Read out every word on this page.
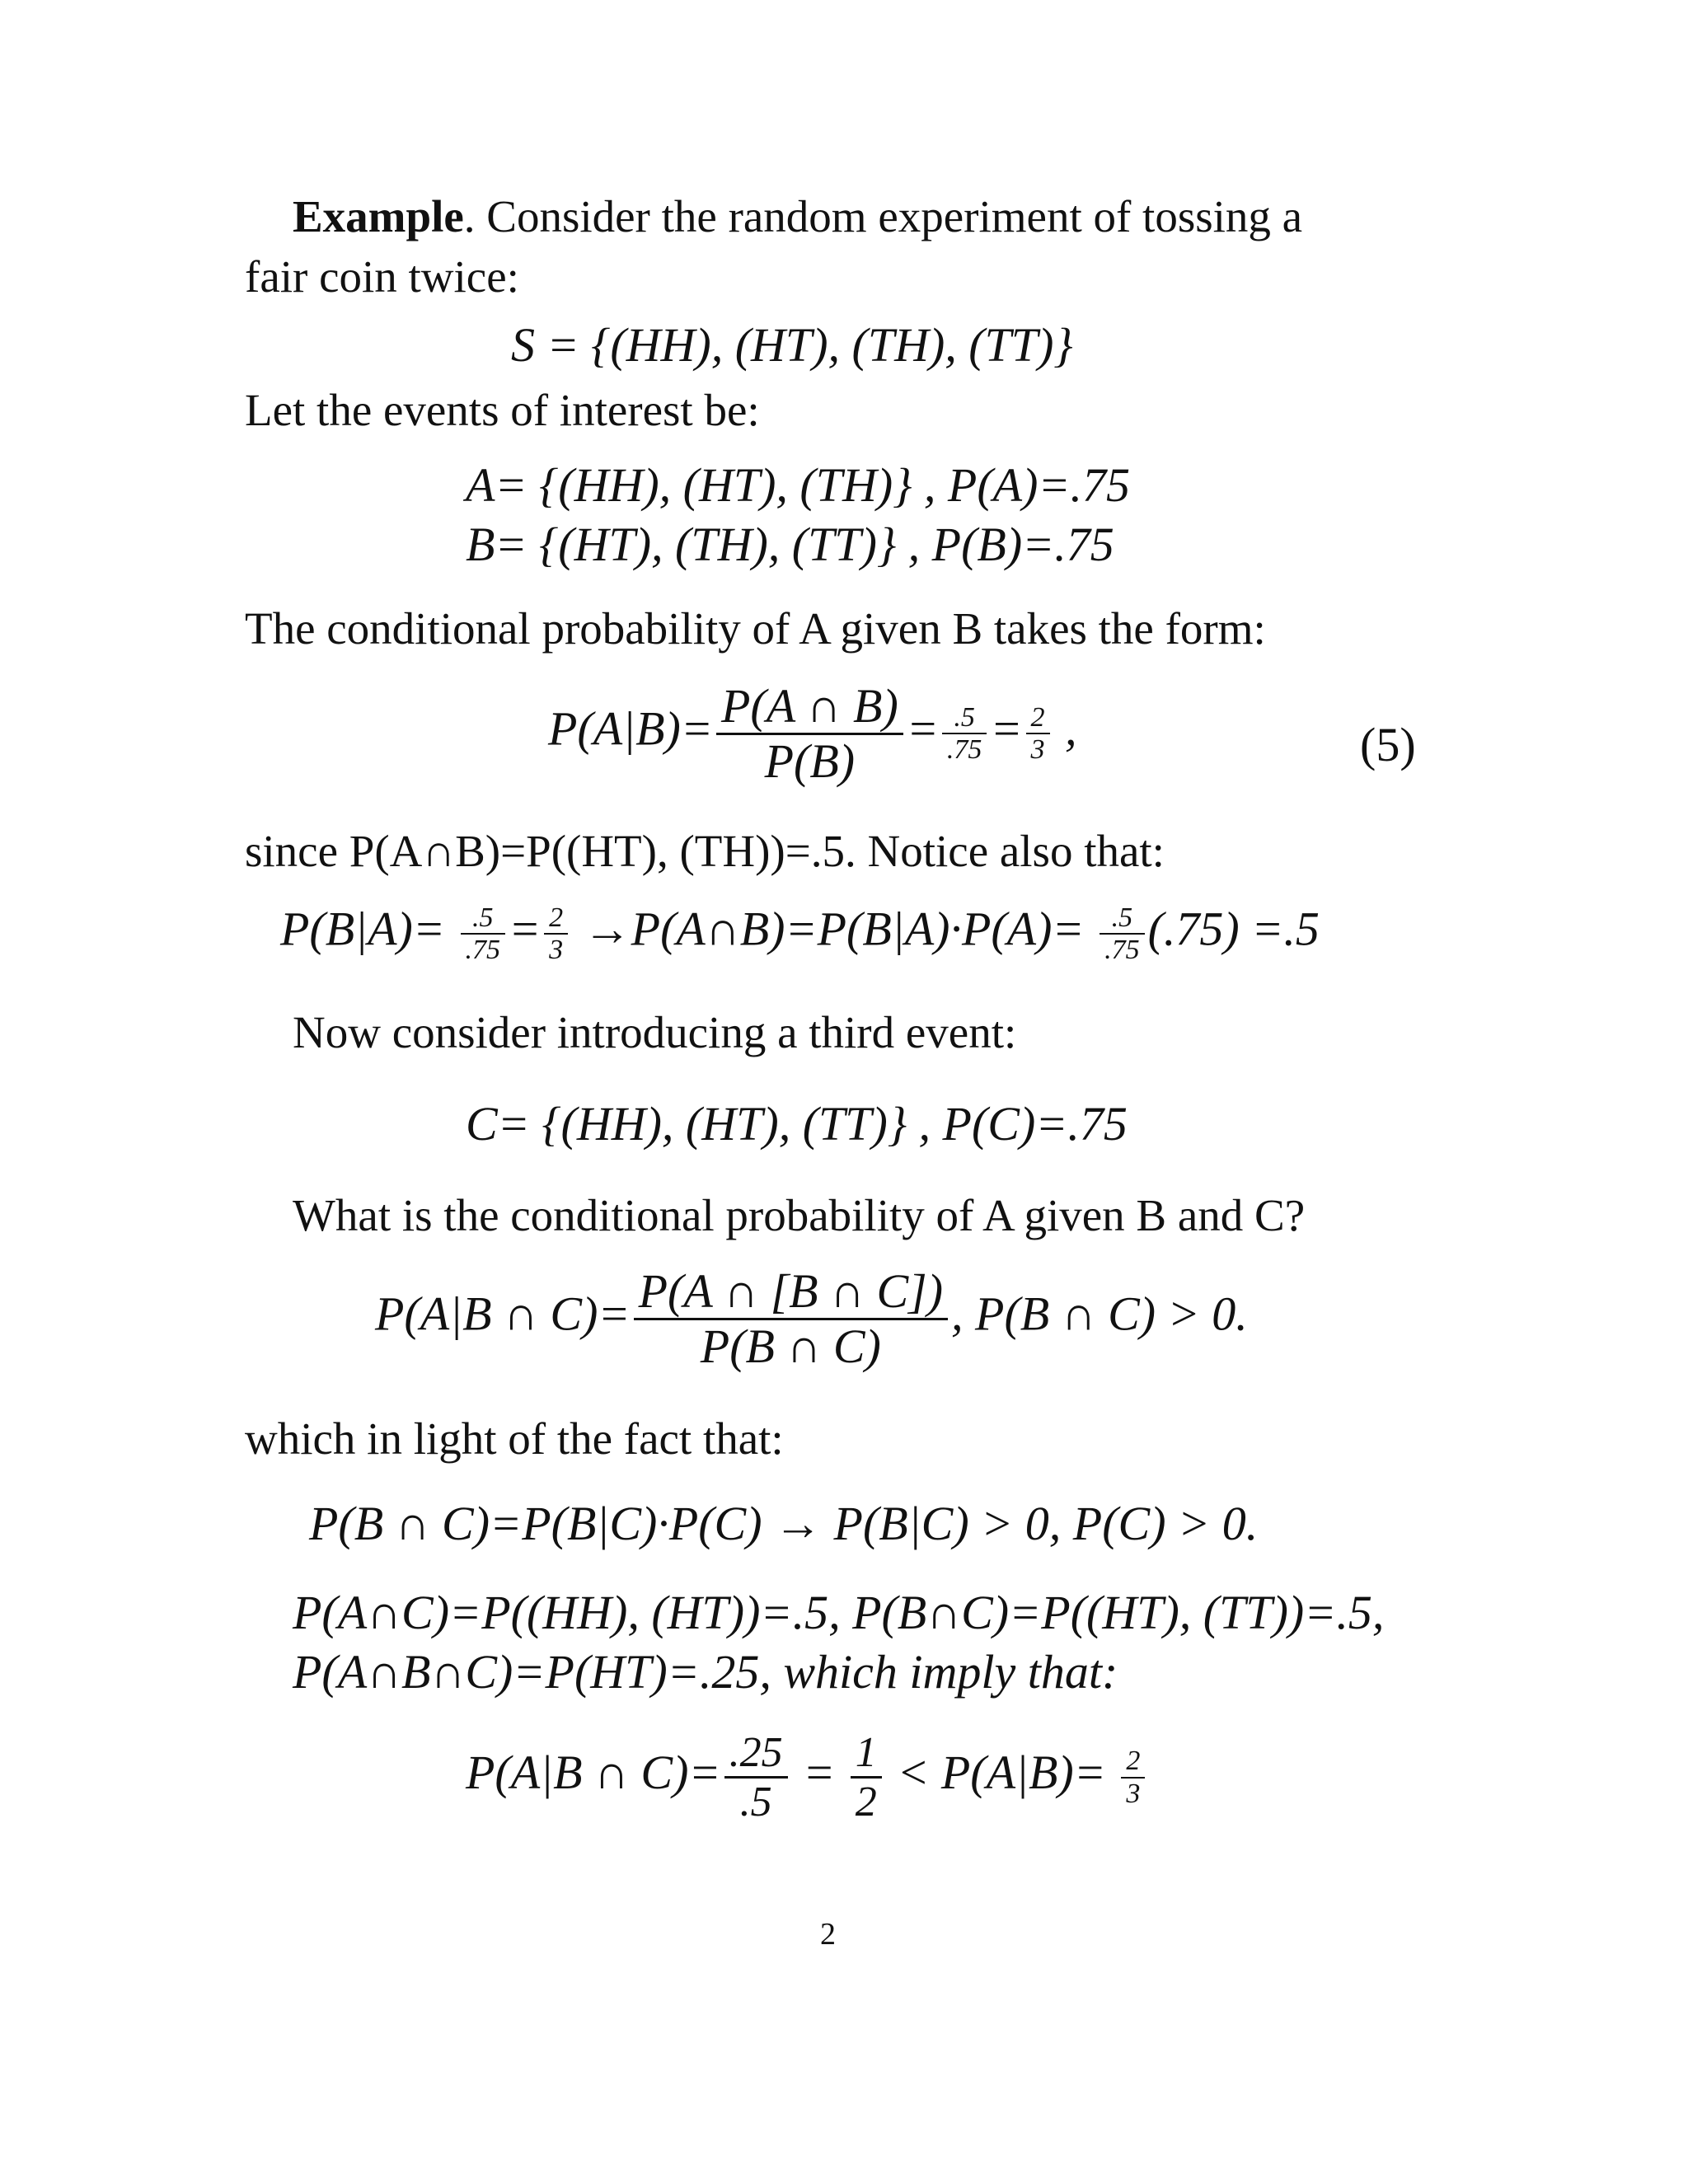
Example. Consider the random experiment of tossing a
fair coin twice:
S = {(HH), (HT), (TH), (TT)}
Let the events of interest be:
A= {(HH), (HT), (TH)} , P(A)=.75
B= {(HT), (TH), (TT)} , P(B)=.75
The conditional probability of A given B takes the form:
$P(A|B)= \frac{P(A \cap B)}{P(B)} = \frac{.5}{.75} = \frac{2}{3}$ ,	(5)
since P(A∩B)=P((HT), (TH))=.5. Notice also that:
$P(B|A)= \frac{.5}{.75} = \frac{2}{3}$ →P(A∩B)=P(B|A)·P(A)= $\frac{.5}{.75} (.75) =.5$
Now consider introducing a third event:
C= {(HH), (HT), (TT)} , P(C)=.75
What is the conditional probability of A given B and C?
P(A|B ∩ $C)= \frac{P(A \cap [B \cap C])}{P(B \cap C)}$ , P(B ∩ C) > 0.
which in light of the fact that:
P(B ∩ C)=P(B|C)·P(C) → P(B|C) > 0, P(C) > 0.
P(A∩C)=P((HH), (HT))=.5, P(B∩C)=P((HT), (TT))=.5,
P(A∩B∩C)=P(HT)=.25, which imply that:
P(A|B ∩ $C)= \frac{.25}{.5} = \frac{1}{2} < P(A|B)= \frac{2}{3}$
2
